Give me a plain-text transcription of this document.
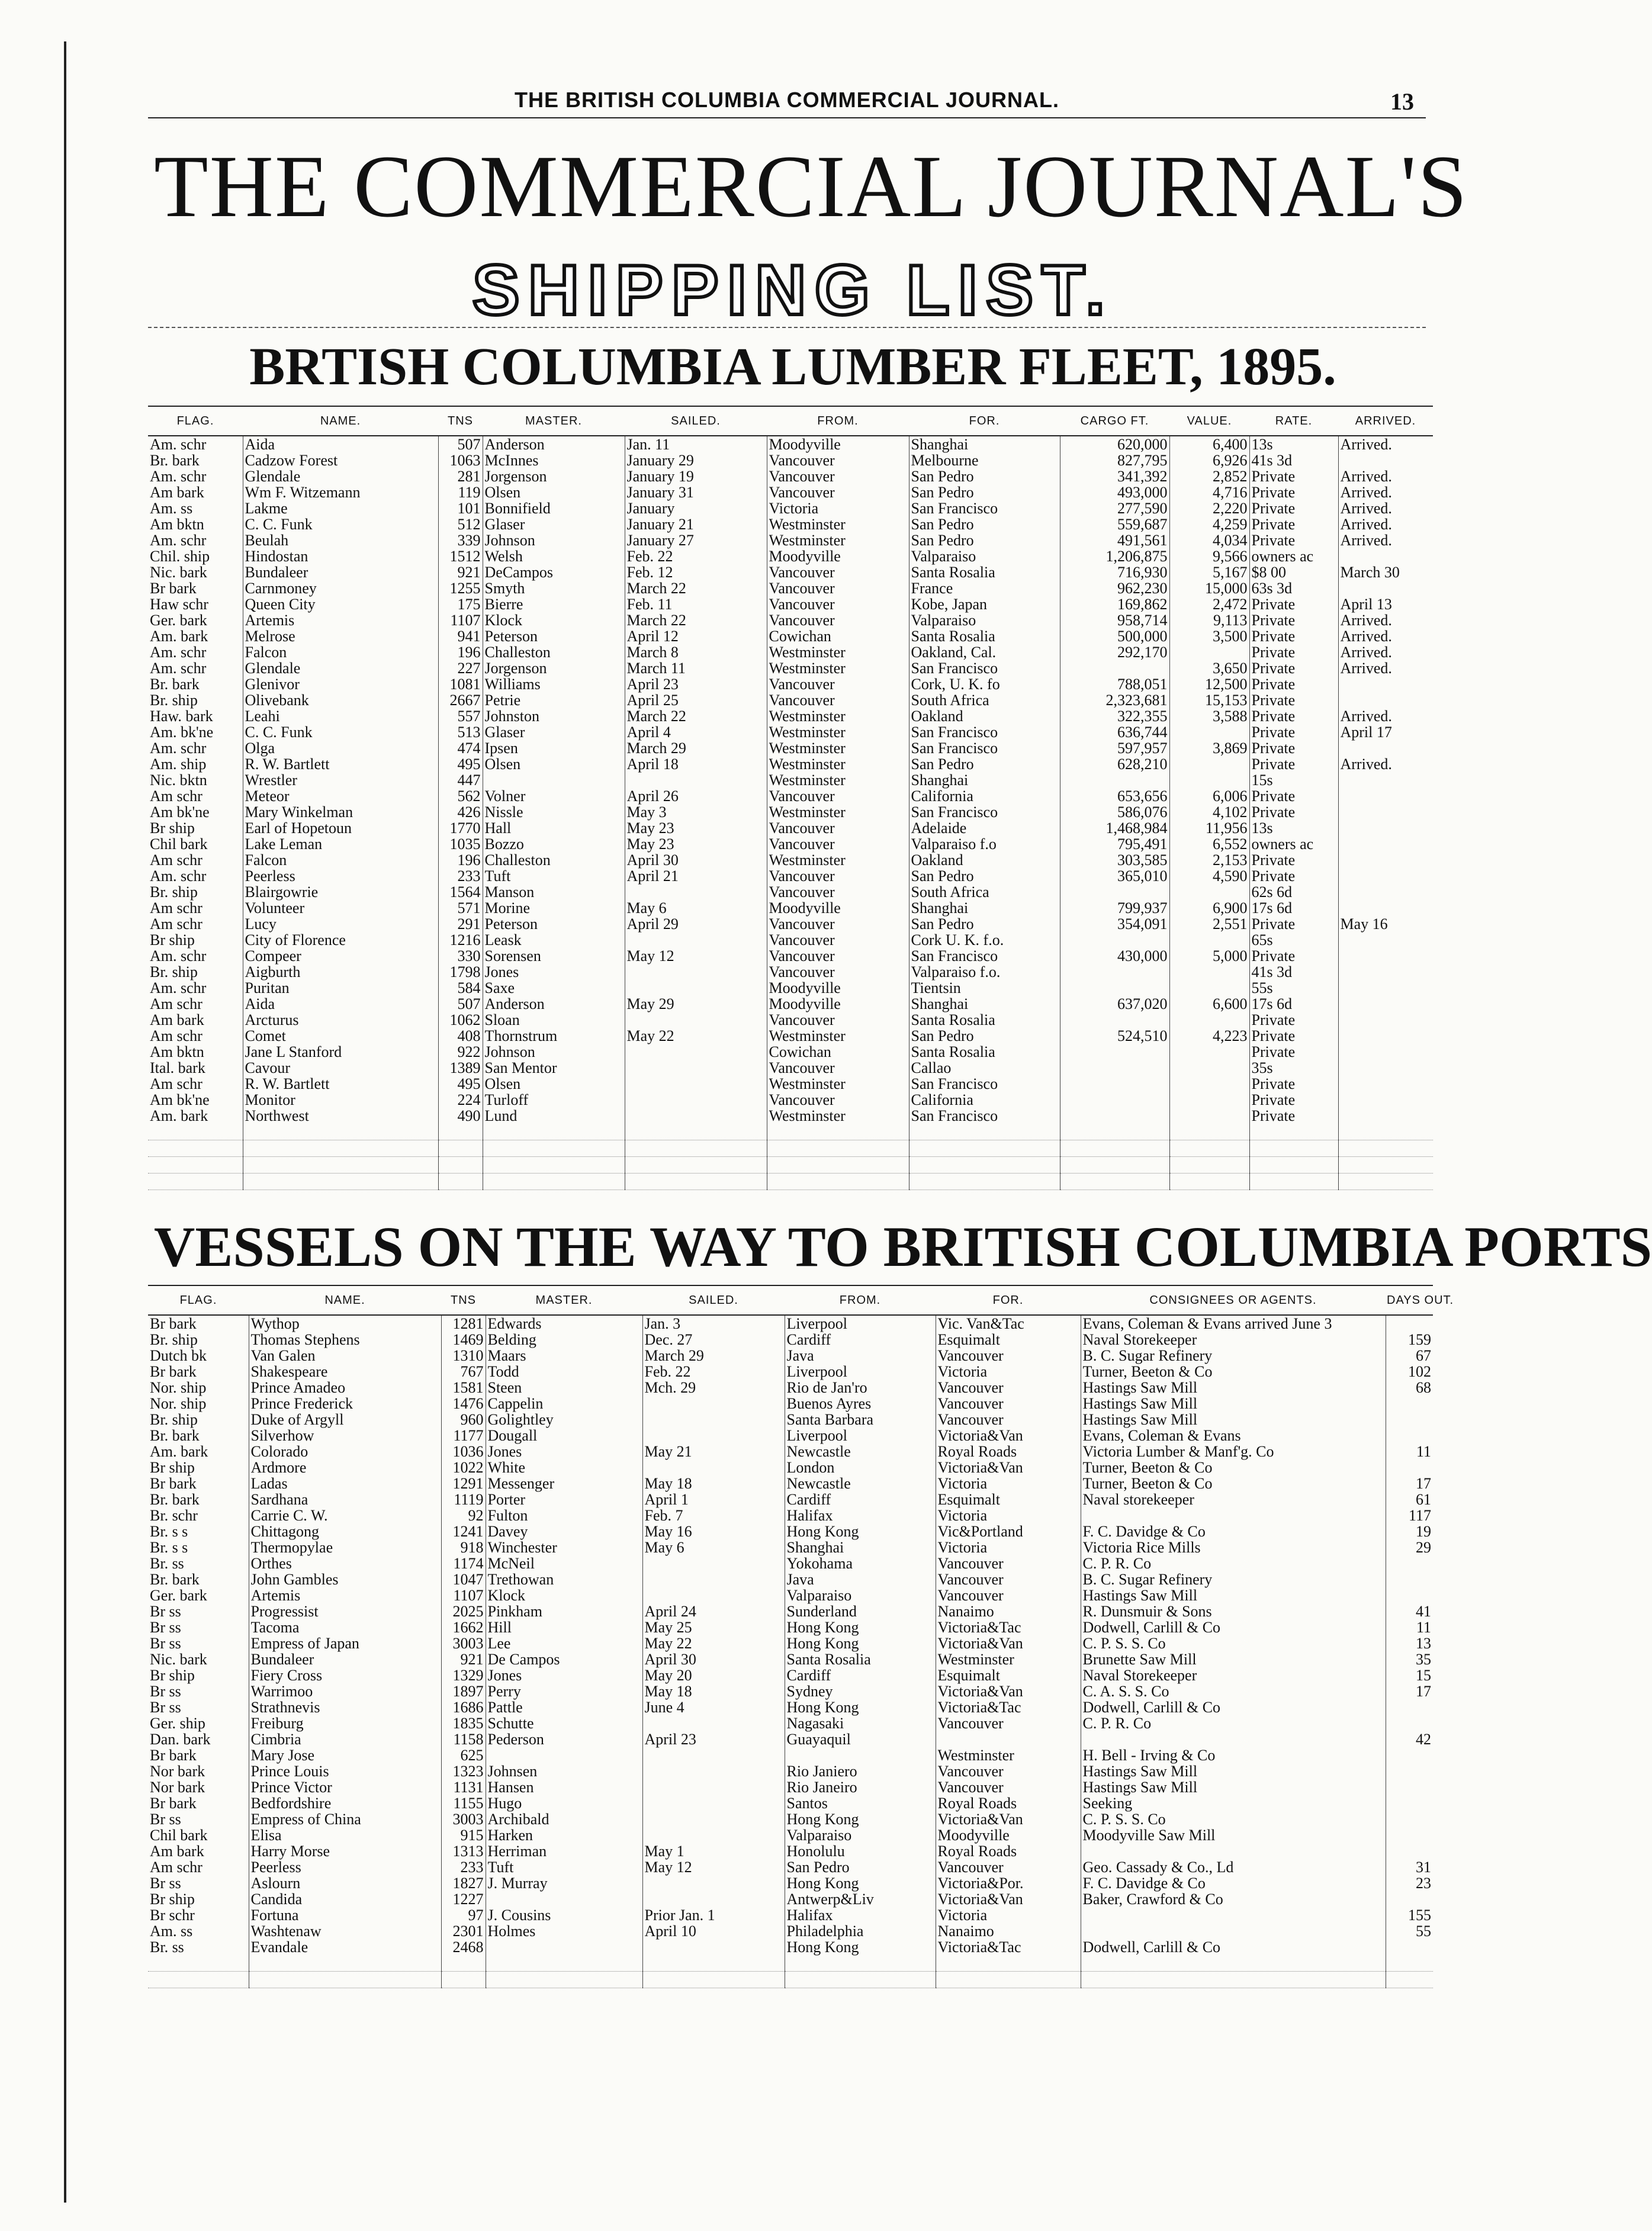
THE BRITISH COLUMBIA COMMERCIAL JOURNAL.	13
THE COMMERCIAL JOURNAL'S
SHIPPING LIST.
BRTISH COLUMBIA LUMBER FLEET, 1895.
FLAG.	NAME.	TNS	MASTER.	SAILED.	FROM.	FOR.	CARGO FT.	VALUE.	RATE.	ARRIVED.
Am. schr	Aida	507	Anderson	Jan. 11	Moodyville	Shanghai	620,000	6,400	13s	Arrived.
Br. bark	Cadzow Forest	1063	McInnes	January 29	Vancouver	Melbourne	827,795	6,926	41s 3d	
Am. schr	Glendale	281	Jorgenson	January 19	Vancouver	San Pedro	341,392	2,852	Private	Arrived.
Am bark	Wm F. Witzemann	119	Olsen	January 31	Vancouver	San Pedro	493,000	4,716	Private	Arrived.
Am. ss	Lakme	101	Bonnifield	January	Victoria	San Francisco	277,590	2,220	Private	Arrived.
Am bktn	C. C. Funk	512	Glaser	January 21	Westminster	San Pedro	559,687	4,259	Private	Arrived.
Am. schr	Beulah	339	Johnson	January 27	Westminster	San Pedro	491,561	4,034	Private	Arrived.
Chil. ship	Hindostan	1512	Welsh	Feb. 22	Moodyville	Valparaiso	1,206,875	9,566	owners ac	
Nic. bark	Bundaleer	921	DeCampos	Feb. 12	Vancouver	Santa Rosalia	716,930	5,167	$8 00	March 30
Br bark	Carnmoney	1255	Smyth	March 22	Vancouver	France	962,230	15,000	63s 3d	
Haw schr	Queen City	175	Bierre	Feb. 11	Vancouver	Kobe, Japan	169,862	2,472	Private	April 13
Ger. bark	Artemis	1107	Klock	March 22	Vancouver	Valparaiso	958,714	9,113	Private	Arrived.
Am. bark	Melrose	941	Peterson	April 12	Cowichan	Santa Rosalia	500,000	3,500	Private	Arrived.
Am. schr	Falcon	196	Challeston	March 8	Westminster	Oakland, Cal.	292,170		Private	Arrived.
Am. schr	Glendale	227	Jorgenson	March 11	Westminster	San Francisco		3,650	Private	Arrived.
Br. bark	Glenivor	1081	Williams	April 23	Vancouver	Cork, U. K. fo	788,051	12,500	Private	
Br. ship	Olivebank	2667	Petrie	April 25	Vancouver	South Africa	2,323,681	15,153	Private	
Haw. bark	Leahi	557	Johnston	March 22	Westminster	Oakland	322,355	3,588	Private	Arrived.
Am. bk'ne	C. C. Funk	513	Glaser	April 4	Westminster	San Francisco	636,744		Private	April 17
Am. schr	Olga	474	Ipsen	March 29	Westminster	San Francisco	597,957	3,869	Private	
Am. ship	R. W. Bartlett	495	Olsen	April 18	Westminster	San Pedro	628,210		Private	Arrived.
Nic. bktn	Wrestler	447			Westminster	Shanghai			15s	
Am schr	Meteor	562	Volner	April 26	Vancouver	California	653,656	6,006	Private	
Am bk'ne	Mary Winkelman	426	Nissle	May 3	Westminster	San Francisco	586,076	4,102	Private	
Br ship	Earl of Hopetoun	1770	Hall	May 23	Vancouver	Adelaide	1,468,984	11,956	13s	
Chil bark	Lake Leman	1035	Bozzo	May 23	Vancouver	Valparaiso f.o	795,491	6,552	owners ac	
Am schr	Falcon	196	Challeston	April 30	Westminster	Oakland	303,585	2,153	Private	
Am. schr	Peerless	233	Tuft	April 21	Vancouver	San Pedro	365,010	4,590	Private	
Br. ship	Blairgowrie	1564	Manson		Vancouver	South Africa			62s 6d	
Am schr	Volunteer	571	Morine	May 6	Moodyville	Shanghai	799,937	6,900	17s 6d	
Am schr	Lucy	291	Peterson	April 29	Vancouver	San Pedro	354,091	2,551	Private	May 16
Br ship	City of Florence	1216	Leask		Vancouver	Cork U. K. f.o.			65s	
Am. schr	Compeer	330	Sorensen	May 12	Vancouver	San Francisco	430,000	5,000	Private	
Br. ship	Aigburth	1798	Jones		Vancouver	Valparaiso f.o.			41s 3d	
Am. schr	Puritan	584	Saxe		Moodyville	Tientsin			55s	
Am schr	Aida	507	Anderson	May 29	Moodyville	Shanghai	637,020	6,600	17s 6d	
Am bark	Arcturus	1062	Sloan		Vancouver	Santa Rosalia			Private	
Am schr	Comet	408	Thornstrum	May 22	Westminster	San Pedro	524,510	4,223	Private	
Am bktn	Jane L Stanford	922	Johnson		Cowichan	Santa Rosalia			Private	
Ital. bark	Cavour	1389	San Mentor		Vancouver	Callao			35s	
Am schr	R. W. Bartlett	495	Olsen		Westminster	San Francisco			Private	
Am bk'ne	Monitor	224	Turloff		Vancouver	California			Private	
Am. bark	Northwest	490	Lund		Westminster	San Francisco			Private	

VESSELS ON THE WAY TO BRITISH COLUMBIA PORTS
FLAG.	NAME.	TNS	MASTER.	SAILED.	FROM.	FOR.	CONSIGNEES OR AGENTS.	DAYS OUT.
Br bark	Wythop	1281	Edwards	Jan. 3	Liverpool	Vic. Van&Tac	Evans, Coleman & Evans arrived June 3	
Br. ship	Thomas Stephens	1469	Belding	Dec. 27	Cardiff	Esquimalt	Naval Storekeeper	159
Dutch bk	Van Galen	1310	Maars	March 29	Java	Vancouver	B. C. Sugar Refinery	67
Br bark	Shakespeare	767	Todd	Feb. 22	Liverpool	Victoria	Turner, Beeton & Co	102
Nor. ship	Prince Amadeo	1581	Steen	Mch. 29	Rio de Jan'ro	Vancouver	Hastings Saw Mill	68
Nor. ship	Prince Frederick	1476	Cappelin		Buenos Ayres	Vancouver	Hastings Saw Mill	
Br. ship	Duke of Argyll	960	Golightley		Santa Barbara	Vancouver	Hastings Saw Mill	
Br. bark	Silverhow	1177	Dougall		Liverpool	Victoria&Van	Evans, Coleman & Evans	
Am. bark	Colorado	1036	Jones	May 21	Newcastle	Royal Roads	Victoria Lumber & Manf'g. Co	11
Br ship	Ardmore	1022	White		London	Victoria&Van	Turner, Beeton & Co	
Br bark	Ladas	1291	Messenger	May 18	Newcastle	Victoria	Turner, Beeton & Co	17
Br. bark	Sardhana	1119	Porter	April 1	Cardiff	Esquimalt	Naval storekeeper	61
Br. schr	Carrie C. W.	92	Fulton	Feb. 7	Halifax	Victoria		117
Br. s s	Chittagong	1241	Davey	May 16	Hong Kong	Vic&Portland	F. C. Davidge & Co	19
Br. s s	Thermopylae	918	Winchester	May 6	Shanghai	Victoria	Victoria Rice Mills	29
Br. ss	Orthes	1174	McNeil		Yokohama	Vancouver	C. P. R. Co	
Br. bark	John Gambles	1047	Trethowan		Java	Vancouver	B. C. Sugar Refinery	
Ger. bark	Artemis	1107	Klock		Valparaiso	Vancouver	Hastings Saw Mill	
Br ss	Progressist	2025	Pinkham	April 24	Sunderland	Nanaimo	R. Dunsmuir & Sons	41
Br ss	Tacoma	1662	Hill	May 25	Hong Kong	Victoria&Tac	Dodwell, Carlill & Co	11
Br ss	Empress of Japan	3003	Lee	May 22	Hong Kong	Victoria&Van	C. P. S. S. Co	13
Nic. bark	Bundaleer	921	De Campos	April 30	Santa Rosalia	Westminster	Brunette Saw Mill	35
Br ship	Fiery Cross	1329	Jones	May 20	Cardiff	Esquimalt	Naval Storekeeper	15
Br ss	Warrimoo	1897	Perry	May 18	Sydney	Victoria&Van	C. A. S. S. Co	17
Br ss	Strathnevis	1686	Pattle	June 4	Hong Kong	Victoria&Tac	Dodwell, Carlill & Co	
Ger. ship	Freiburg	1835	Schutte		Nagasaki	Vancouver	C. P. R. Co	
Dan. bark	Cimbria	1158	Pederson	April 23	Guayaquil			42
Br bark	Mary Jose	625				Westminster	H. Bell - Irving & Co	
Nor bark	Prince Louis	1323	Johnsen		Rio Janiero	Vancouver	Hastings Saw Mill	
Nor bark	Prince Victor	1131	Hansen		Rio Janeiro	Vancouver	Hastings Saw Mill	
Br bark	Bedfordshire	1155	Hugo		Santos	Royal Roads	Seeking	
Br ss	Empress of China	3003	Archibald		Hong Kong	Victoria&Van	C. P. S. S. Co	
Chil bark	Elisa	915	Harken		Valparaiso	Moodyville	Moodyville Saw Mill	
Am bark	Harry Morse	1313	Herriman	May 1	Honolulu	Royal Roads		
Am schr	Peerless	233	Tuft	May 12	San Pedro	Vancouver	Geo. Cassady & Co., Ld	31
Br ss	Aslourn	1827	J. Murray		Hong Kong	Victoria&Por.	F. C. Davidge & Co	23
Br ship	Candida	1227			Antwerp&Liv	Victoria&Van	Baker, Crawford & Co	
Br schr	Fortuna	97	J. Cousins	Prior Jan. 1	Halifax	Victoria		155
Am. ss	Washtenaw	2301	Holmes	April 10	Philadelphia	Nanaimo		55
Br. ss	Evandale	2468			Hong Kong	Victoria&Tac	Dodwell, Carlill & Co	
